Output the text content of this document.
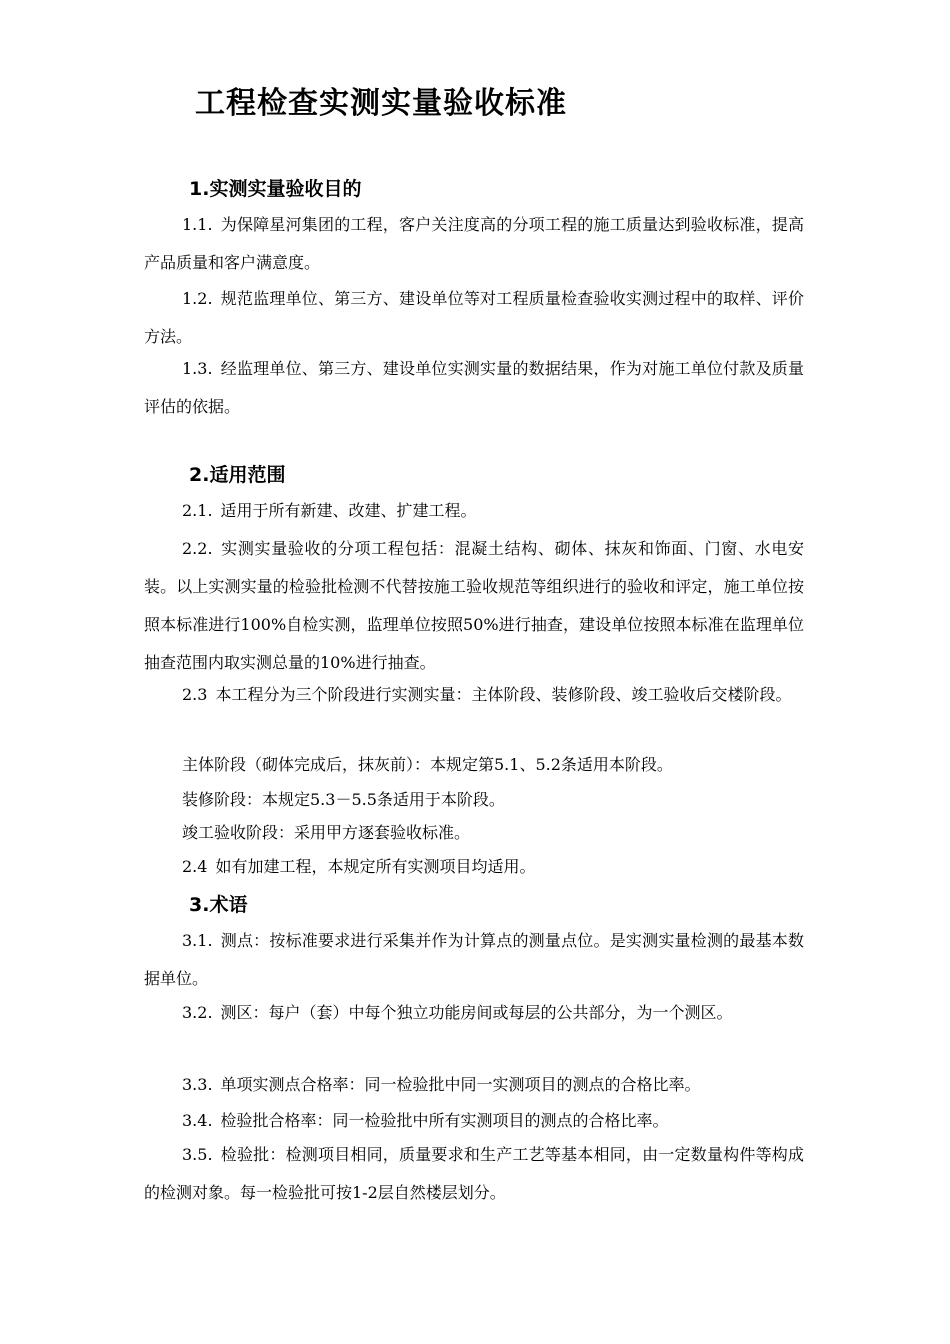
工程检查实测实量验收标准
1.实测实量验收目的
1.1. 为保障星河集团的工程，客户关注度高的分项工程的施工质量达到验收标准，提高产品质量和客户满意度。
1.2. 规范监理单位、第三方、建设单位等对工程质量检查验收实测过程中的取样、评价方法。
1.3. 经监理单位、第三方、建设单位实测实量的数据结果，作为对施工单位付款及质量评估的依据。
2.适用范围
2.1. 适用于所有新建、改建、扩建工程。
2.2. 实测实量验收的分项工程包括：混凝土结构、砌体、抹灰和饰面、门窗、水电安装。以上实测实量的检验批检测不代替按施工验收规范等组织进行的验收和评定，施工单位按照本标准进行100%自检实测，监理单位按照50%进行抽查，建设单位按照本标准在监理单位抽查范围内取实测总量的10%进行抽查。
2.3 本工程分为三个阶段进行实测实量：主体阶段、装修阶段、竣工验收后交楼阶段。
主体阶段（砌体完成后，抹灰前）：本规定第5.1、5.2条适用本阶段。
装修阶段：本规定5.3－5.5条适用于本阶段。
竣工验收阶段：采用甲方逐套验收标准。
2.4 如有加建工程，本规定所有实测项目均适用。
3.术语
3.1. 测点：按标准要求进行采集并作为计算点的测量点位。是实测实量检测的最基本数据单位。
3.2. 测区：每户（套）中每个独立功能房间或每层的公共部分，为一个测区。
3.3. 单项实测点合格率：同一检验批中同一实测项目的测点的合格比率。
3.4. 检验批合格率：同一检验批中所有实测项目的测点的合格比率。
3.5. 检验批：检测项目相同，质量要求和生产工艺等基本相同，由一定数量构件等构成的检测对象。每一检验批可按1-2层自然楼层划分。
